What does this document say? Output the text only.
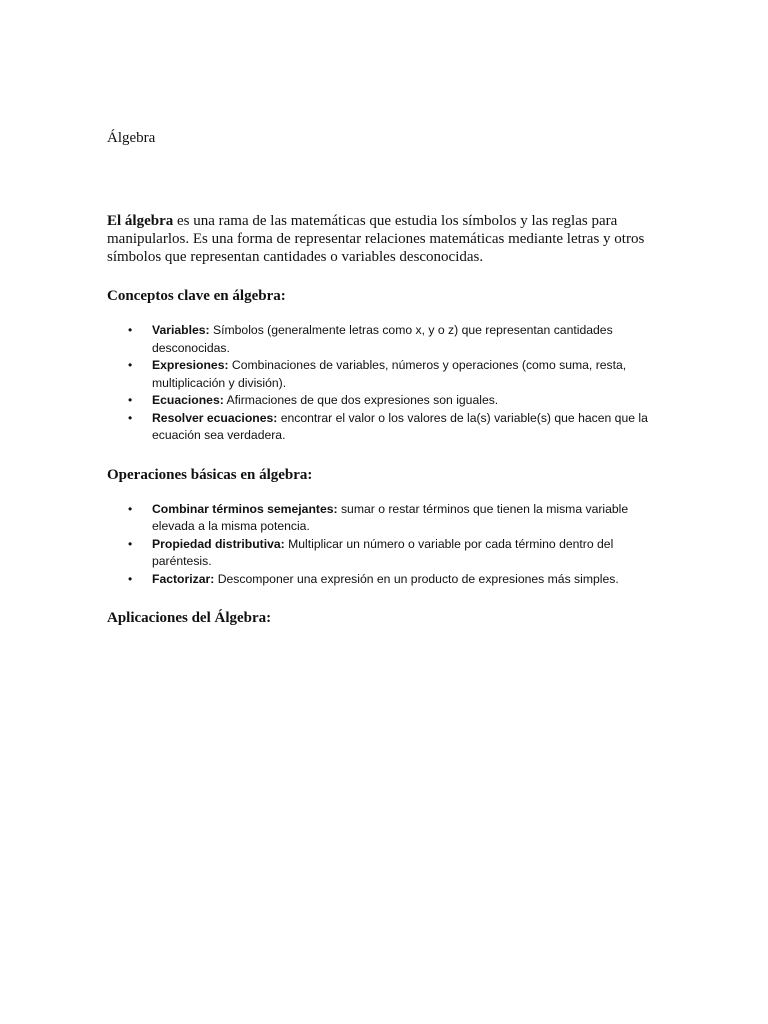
Álgebra

El álgebra es una rama de las matemáticas que estudia los símbolos y las reglas para manipularlos. Es una forma de representar relaciones matemáticas mediante letras y otros símbolos que representan cantidades o variables desconocidas.

Conceptos clave en álgebra:
• Variables: Símbolos (generalmente letras como x, y o z) que representan cantidades desconocidas.
• Expresiones: Combinaciones de variables, números y operaciones (como suma, resta, multiplicación y división).
• Ecuaciones: Afirmaciones de que dos expresiones son iguales.
• Resolver ecuaciones: encontrar el valor o los valores de la(s) variable(s) que hacen que la ecuación sea verdadera.
Operaciones básicas en álgebra:
• Combinar términos semejantes: sumar o restar términos que tienen la misma variable elevada a la misma potencia.
• Propiedad distributiva: Multiplicar un número o variable por cada término dentro del paréntesis.
• Factorizar: Descomponer una expresión en un producto de expresiones más simples.
Aplicaciones del Álgebra:
